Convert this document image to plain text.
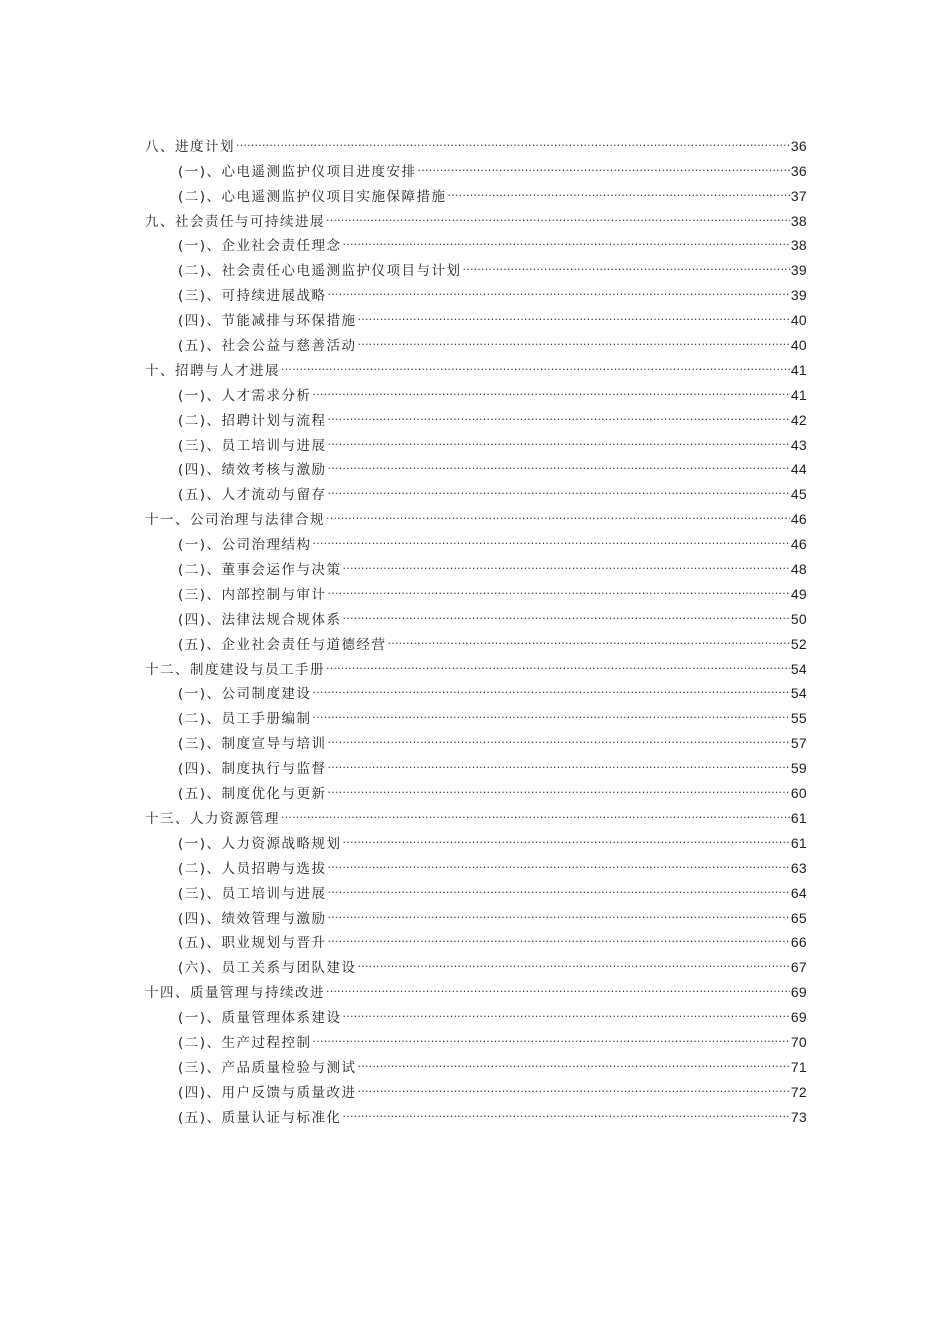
八、进度计划 .....	36
(一)、心电遥测监护仪项目进度安排 .....	36
(二)、心电遥测监护仪项目实施保障措施 .....	37
九、社会责任与可持续进展 .....	38
(一)、企业社会责任理念 .....	38
(二)、社会责任心电遥测监护仪项目与计划 .....	39
(三)、可持续进展战略 .....	39
(四)、节能减排与环保措施 .....	40
(五)、社会公益与慈善活动 .....	40
十、招聘与人才进展 .....	41
(一)、人才需求分析 .....	41
(二)、招聘计划与流程 .....	42
(三)、员工培训与进展 .....	43
(四)、绩效考核与激励 .....	44
(五)、人才流动与留存 .....	45
十一、公司治理与法律合规 .....	46
(一)、公司治理结构 .....	46
(二)、董事会运作与决策 .....	48
(三)、内部控制与审计 .....	49
(四)、法律法规合规体系 .....	50
(五)、企业社会责任与道德经营 .....	52
十二、制度建设与员工手册 .....	54
(一)、公司制度建设 .....	54
(二)、员工手册编制 .....	55
(三)、制度宣导与培训 .....	57
(四)、制度执行与监督 .....	59
(五)、制度优化与更新 .....	60
十三、人力资源管理 .....	61
(一)、人力资源战略规划 .....	61
(二)、人员招聘与选拔 .....	63
(三)、员工培训与进展 .....	64
(四)、绩效管理与激励 .....	65
(五)、职业规划与晋升 .....	66
(六)、员工关系与团队建设 .....	67
十四、质量管理与持续改进 .....	69
(一)、质量管理体系建设 .....	69
(二)、生产过程控制 .....	70
(三)、产品质量检验与测试 .....	71
(四)、用户反馈与质量改进 .....	72
(五)、质量认证与标准化 .....	73
